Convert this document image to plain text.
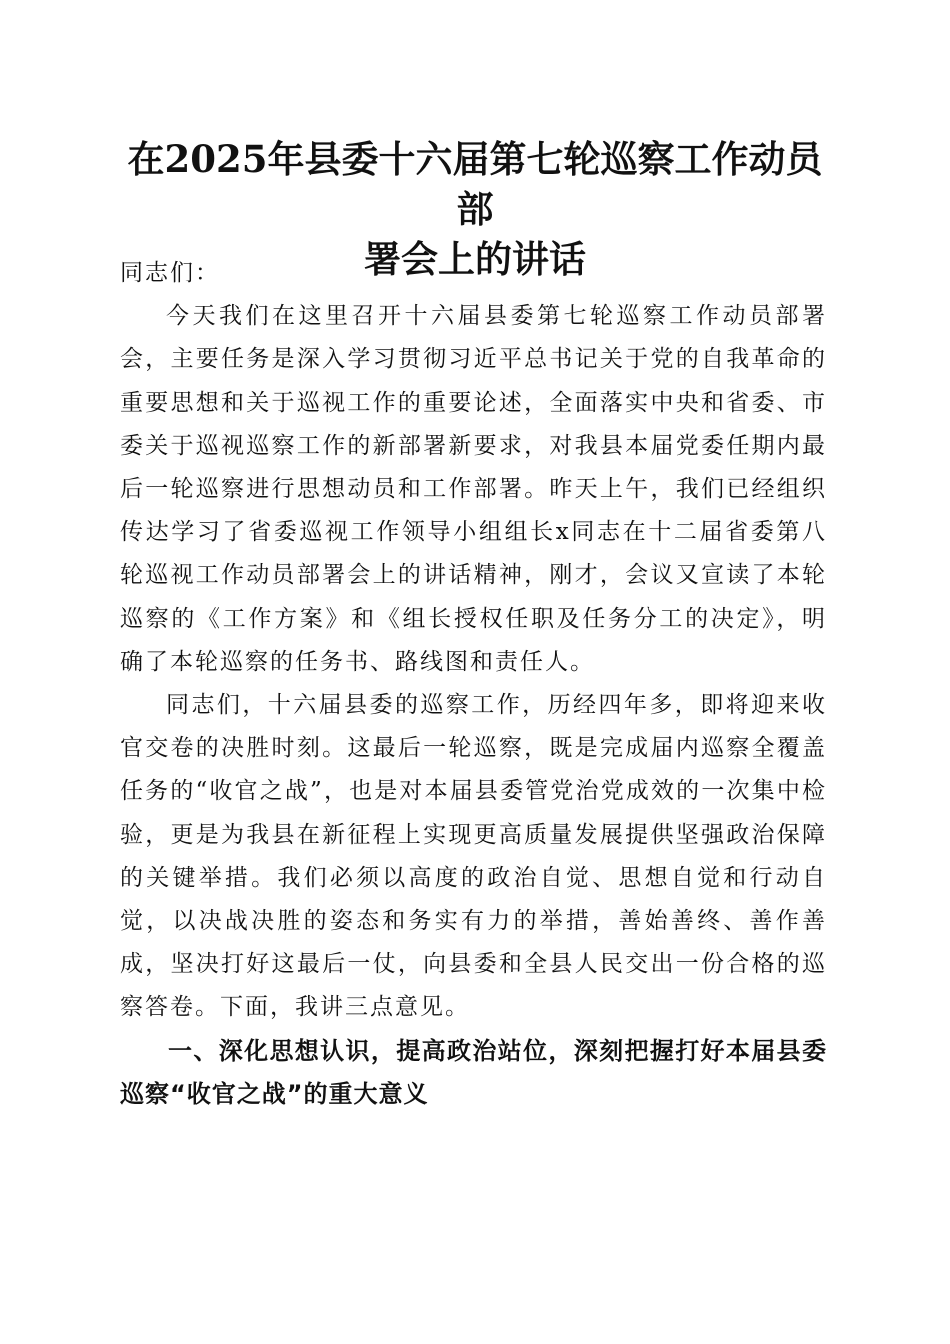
在2025年县委十六届第七轮巡察工作动员部
署会上的讲话

同志们：

今天我们在这里召开十六届县委第七轮巡察工作动员部署会，主要任务是深入学习贯彻习近平总书记关于党的自我革命的重要思想和关于巡视工作的重要论述，全面落实中央和省委、市委关于巡视巡察工作的新部署新要求，对我县本届党委任期内最后一轮巡察进行思想动员和工作部署。昨天上午，我们已经组织传达学习了省委巡视工作领导小组组长x同志在十二届省委第八轮巡视工作动员部署会上的讲话精神，刚才，会议又宣读了本轮巡察的《工作方案》和《组长授权任职及任务分工的决定》，明确了本轮巡察的任务书、路线图和责任人。

同志们，十六届县委的巡察工作，历经四年多，即将迎来收官交卷的决胜时刻。这最后一轮巡察，既是完成届内巡察全覆盖任务的“收官之战”，也是对本届县委管党治党成效的一次集中检验，更是为我县在新征程上实现更高质量发展提供坚强政治保障的关键举措。我们必须以高度的政治自觉、思想自觉和行动自觉，以决战决胜的姿态和务实有力的举措，善始善终、善作善成，坚决打好这最后一仗，向县委和全县人民交出一份合格的巡察答卷。下面，我讲三点意见。

一、深化思想认识，提高政治站位，深刻把握打好本届县委巡察“收官之战”的重大意义
